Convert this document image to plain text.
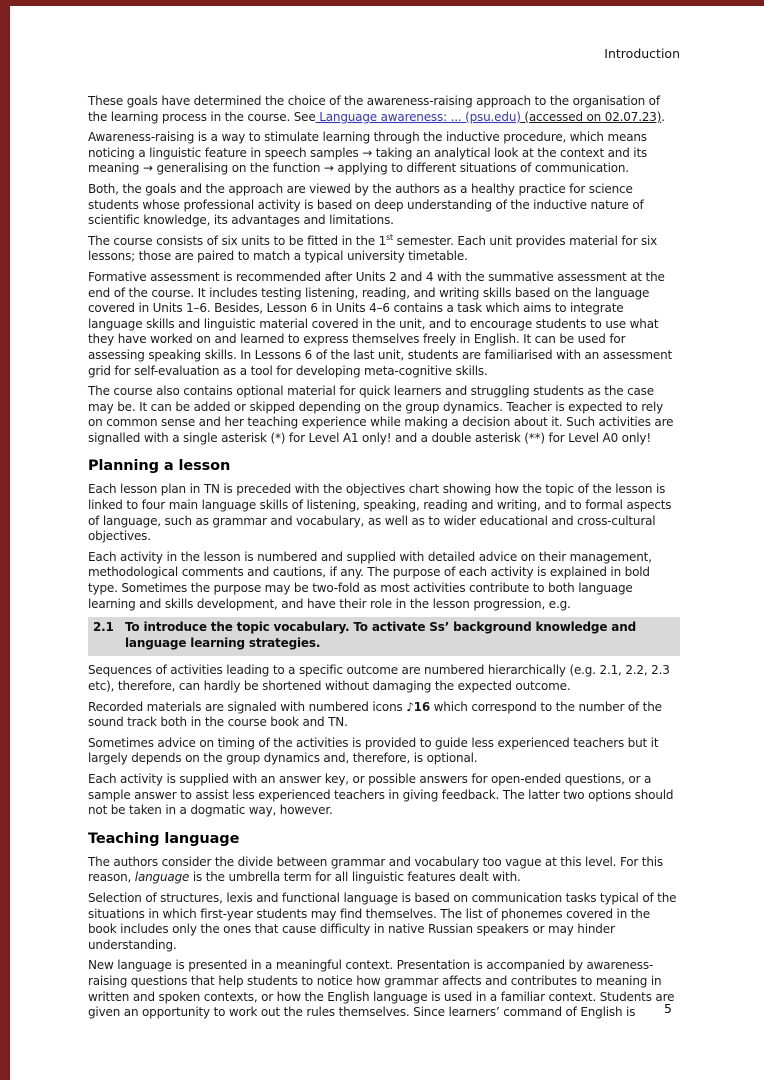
Introduction

These goals have determined the choice of the awareness-raising approach to the organisation of the learning process in the course. See Language awareness: ... (psu.edu) (accessed on 02.07.23).

Awareness-raising is a way to stimulate learning through the inductive procedure, which means noticing a linguistic feature in speech samples → taking an analytical look at the context and its meaning → generalising on the function → applying to different situations of communication.

Both, the goals and the approach are viewed by the authors as a healthy practice for science students whose professional activity is based on deep understanding of the inductive nature of scientific knowledge, its advantages and limitations.

The course consists of six units to be fitted in the 1st semester. Each unit provides material for six lessons; those are paired to match a typical university timetable.

Formative assessment is recommended after Units 2 and 4 with the summative assessment at the end of the course. It includes testing listening, reading, and writing skills based on the language covered in Units 1–6. Besides, Lesson 6 in Units 4–6 contains a task which aims to integrate language skills and linguistic material covered in the unit, and to encourage students to use what they have worked on and learned to express themselves freely in English. It can be used for assessing speaking skills. In Lessons 6 of the last unit, students are familiarised with an assessment grid for self-evaluation as a tool for developing meta-cognitive skills.

The course also contains optional material for quick learners and struggling students as the case may be. It can be added or skipped depending on the group dynamics. Teacher is expected to rely on common sense and her teaching experience while making a decision about it. Such activities are signalled with a single asterisk (*) for Level A1 only! and a double asterisk (**) for Level A0 only!

Planning a lesson

Each lesson plan in TN is preceded with the objectives chart showing how the topic of the lesson is linked to four main language skills of listening, speaking, reading and writing, and to formal aspects of language, such as grammar and vocabulary, as well as to wider educational and cross-cultural objectives.

Each activity in the lesson is numbered and supplied with detailed advice on their management, methodological comments and cautions, if any. The purpose of each activity is explained in bold type. Sometimes the purpose may be two-fold as most activities contribute to both language learning and skills development, and have their role in the lesson progression, e.g.

2.1 To introduce the topic vocabulary. To activate Ss’ background knowledge and language learning strategies.

Sequences of activities leading to a specific outcome are numbered hierarchically (e.g. 2.1, 2.2, 2.3 etc), therefore, can hardly be shortened without damaging the expected outcome.

Recorded materials are signaled with numbered icons ♪16 which correspond to the number of the sound track both in the course book and TN.

Sometimes advice on timing of the activities is provided to guide less experienced teachers but it largely depends on the group dynamics and, therefore, is optional.

Each activity is supplied with an answer key, or possible answers for open-ended questions, or a sample answer to assist less experienced teachers in giving feedback. The latter two options should not be taken in a dogmatic way, however.

Teaching language

The authors consider the divide between grammar and vocabulary too vague at this level. For this reason, language is the umbrella term for all linguistic features dealt with.

Selection of structures, lexis and functional language is based on communication tasks typical of the situations in which first-year students may find themselves. The list of phonemes covered in the book includes only the ones that cause difficulty in native Russian speakers or may hinder understanding.

New language is presented in a meaningful context. Presentation is accompanied by awareness-raising questions that help students to notice how grammar affects and contributes to meaning in written and spoken contexts, or how the English language is used in a familiar context. Students are given an opportunity to work out the rules themselves. Since learners’ command of English is	5
